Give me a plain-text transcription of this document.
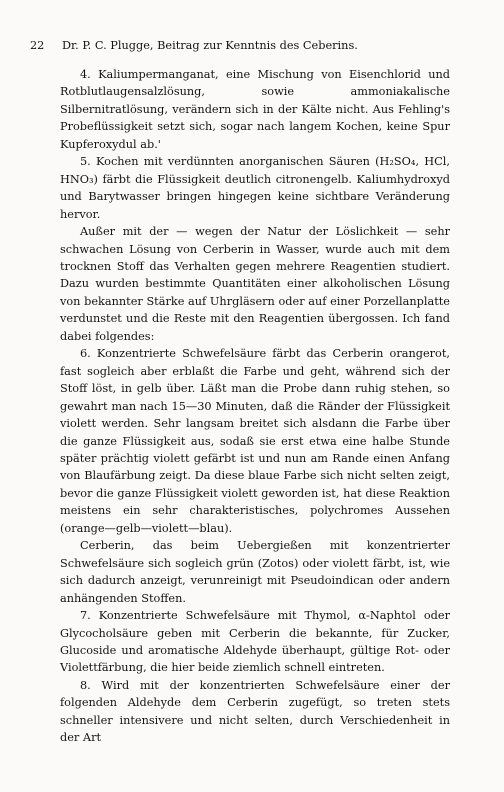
22 Dr. P. C. Plugge, Beitrag zur Kenntnis des Ceberins.

4. Kaliumpermanganat, eine Mischung von Eisenchlorid und Rotblutlaugensalzlösung, sowie ammoniakalische Silbernitratlösung, verändern sich in der Kälte nicht. Aus Fehling's Probeflüssigkeit setzt sich, sogar nach langem Kochen, keine Spur Kupferoxydul ab.'

5. Kochen mit verdünnten anorganischen Säuren (H₂SO₄, HCl, HNO₃) färbt die Flüssigkeit deutlich citronengelb. Kaliumhydroxyd und Barytwasser bringen hingegen keine sichtbare Veränderung hervor.

Außer mit der — wegen der Natur der Löslichkeit — sehr schwachen Lösung von Cerberin in Wasser, wurde auch mit dem trocknen Stoff das Verhalten gegen mehrere Reagentien studiert. Dazu wurden bestimmte Quantitäten einer alkoholischen Lösung von bekannter Stärke auf Uhrgläsern oder auf einer Porzellanplatte verdunstet und die Reste mit den Reagentien übergossen. Ich fand dabei folgendes:

6. Konzentrierte Schwefelsäure färbt das Cerberin orangerot, fast sogleich aber erblaßt die Farbe und geht, während sich der Stoff löst, in gelb über. Läßt man die Probe dann ruhig stehen, so gewahrt man nach 15—30 Minuten, daß die Ränder der Flüssigkeit violett werden. Sehr langsam breitet sich alsdann die Farbe über die ganze Flüssigkeit aus, sodaß sie erst etwa eine halbe Stunde später prächtig violett gefärbt ist und nun am Rande einen Anfang von Blaufärbung zeigt. Da diese blaue Farbe sich nicht selten zeigt, bevor die ganze Flüssigkeit violett geworden ist, hat diese Reaktion meistens ein sehr charakteristisches, polychromes Aussehen (orange—gelb—violett—blau).

Cerberin, das beim Uebergießen mit konzentrierter Schwefelsäure sich sogleich grün (Zotos) oder violett färbt, ist, wie sich dadurch anzeigt, verunreinigt mit Pseudoindican oder andern anhängenden Stoffen.

7. Konzentrierte Schwefelsäure mit Thymol, α-Naphtol oder Glycocholsäure geben mit Cerberin die bekannte, für Zucker, Glucoside und aromatische Aldehyde überhaupt, gültige Rot- oder Violettfärbung, die hier beide ziemlich schnell eintreten.

8. Wird mit der konzentrierten Schwefelsäure einer der folgenden Aldehyde dem Cerberin zugefügt, so treten stets schneller intensivere und nicht selten, durch Verschiedenheit in der Art
